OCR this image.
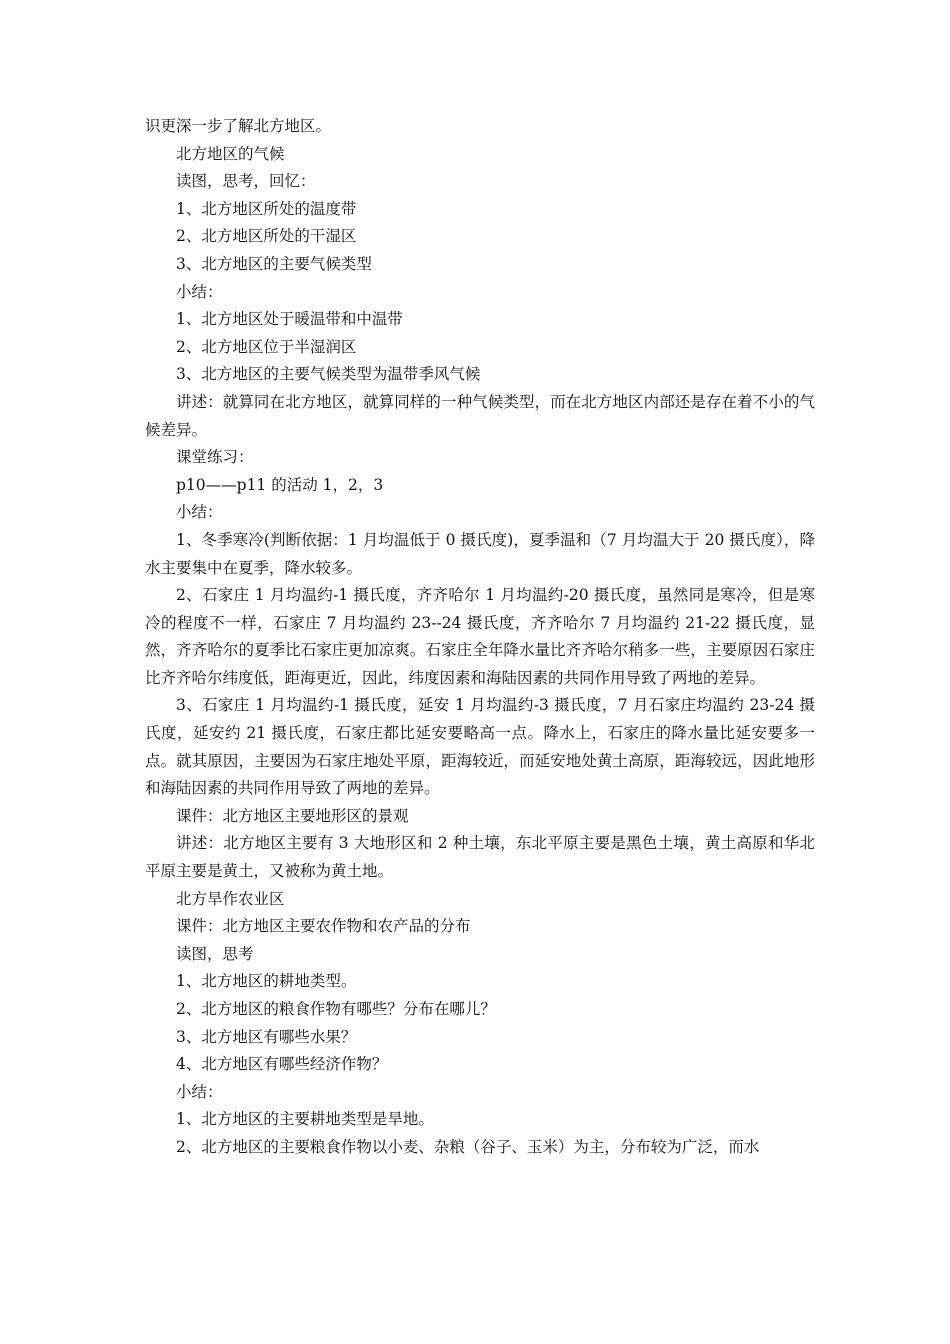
识更深一步了解北方地区。

北方地区的气候

读图，思考，回忆：

1、北方地区所处的温度带

2、北方地区所处的干湿区

3、北方地区的主要气候类型

小结：

1、北方地区处于暖温带和中温带

2、北方地区位于半湿润区

3、北方地区的主要气候类型为温带季风气候

讲述：就算同在北方地区，就算同样的一种气候类型，而在北方地区内部还是存在着不小的气候差异。

课堂练习：

p10——p11 的活动 1，2，3

小结：

1、冬季寒冷(判断依据：1 月均温低于 0 摄氏度)，夏季温和（7 月均温大于 20 摄氏度），降水主要集中在夏季，降水较多。

2、石家庄 1 月均温约-1 摄氏度，齐齐哈尔 1 月均温约-20 摄氏度，虽然同是寒冷，但是寒冷的程度不一样，石家庄 7 月均温约 23--24 摄氏度，齐齐哈尔 7 月均温约 21-22 摄氏度，显然，齐齐哈尔的夏季比石家庄更加凉爽。石家庄全年降水量比齐齐哈尔稍多一些，主要原因石家庄比齐齐哈尔纬度低，距海更近，因此，纬度因素和海陆因素的共同作用导致了两地的差异。

3、石家庄 1 月均温约-1 摄氏度，延安 1 月均温约-3 摄氏度，7 月石家庄均温约 23-24 摄氏度，延安约 21 摄氏度，石家庄都比延安要略高一点。降水上，石家庄的降水量比延安要多一点。就其原因，主要因为石家庄地处平原，距海较近，而延安地处黄土高原，距海较远，因此地形和海陆因素的共同作用导致了两地的差异。

课件：北方地区主要地形区的景观

讲述：北方地区主要有 3 大地形区和 2 种土壤，东北平原主要是黑色土壤，黄土高原和华北平原主要是黄土，又被称为黄土地。

北方旱作农业区

课件：北方地区主要农作物和农产品的分布

读图，思考

1、北方地区的耕地类型。

2、北方地区的粮食作物有哪些？分布在哪儿？

3、北方地区有哪些水果？

4、北方地区有哪些经济作物？

小结：

1、北方地区的主要耕地类型是旱地。

2、北方地区的主要粮食作物以小麦、杂粮（谷子、玉米）为主，分布较为广泛，而水
